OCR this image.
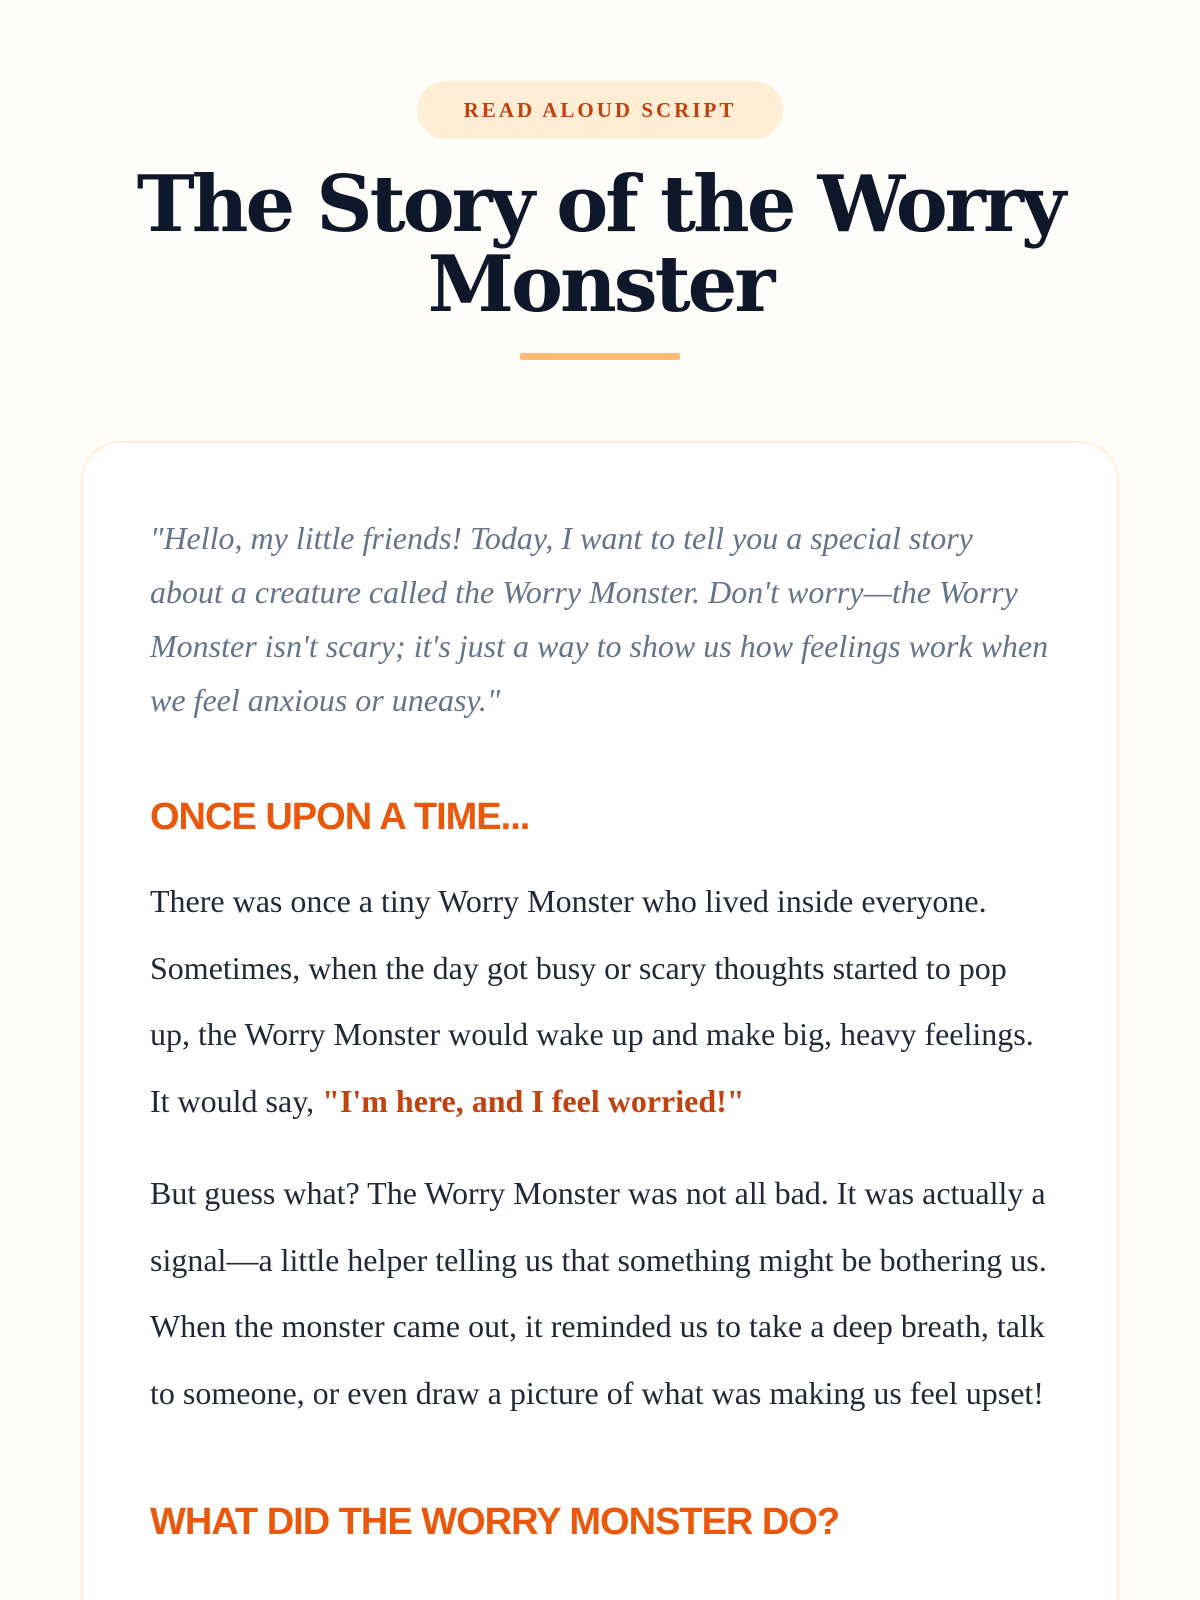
READ ALOUD SCRIPT
The Story of the Worry Monster

"Hello, my little friends! Today, I want to tell you a special story about a creature called the Worry Monster. Don't worry—the Worry Monster isn't scary; it's just a way to show us how feelings work when we feel anxious or uneasy."

ONCE UPON A TIME...

There was once a tiny Worry Monster who lived inside everyone. Sometimes, when the day got busy or scary thoughts started to pop up, the Worry Monster would wake up and make big, heavy feelings. It would say, "I'm here, and I feel worried!"

But guess what? The Worry Monster was not all bad. It was actually a signal—a little helper telling us that something might be bothering us. When the monster came out, it reminded us to take a deep breath, talk to someone, or even draw a picture of what was making us feel upset!

WHAT DID THE WORRY MONSTER DO?
